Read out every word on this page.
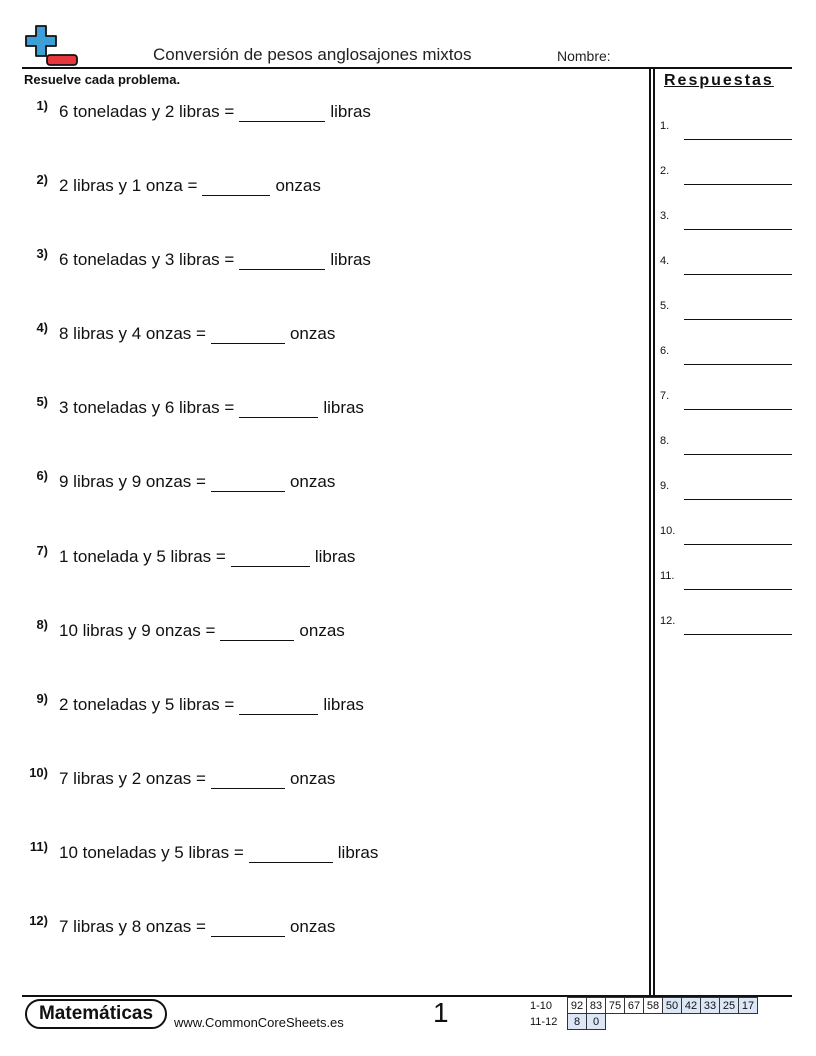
Conversión de pesos anglosajones mixtos	Nombre:
Resuelve cada problema.
1) 6 toneladas y 2 libras =	libras
2) 2 libras y 1 onza =	onzas
3) 6 toneladas y 3 libras =	libras
4) 8 libras y 4 onzas =	onzas
5) 3 toneladas y 6 libras =	libras
6) 9 libras y 9 onzas =	onzas
7) 1 tonelada y 5 libras =	libras
8) 10 libras y 9 onzas =	onzas
9) 2 toneladas y 5 libras =	libras
10) 7 libras y 2 onzas =	onzas
11) 10 toneladas y 5 libras =	libras
12) 7 libras y 8 onzas =	onzas
Respuestas
1.
2.
3.
4.
5.
6.
7.
8.
9.
10.
11.
12.
Matemáticas	www.CommonCoreSheets.es	1	1-10	92	83	75	67	58	50	42	33	25	17
11-12	8	0								
